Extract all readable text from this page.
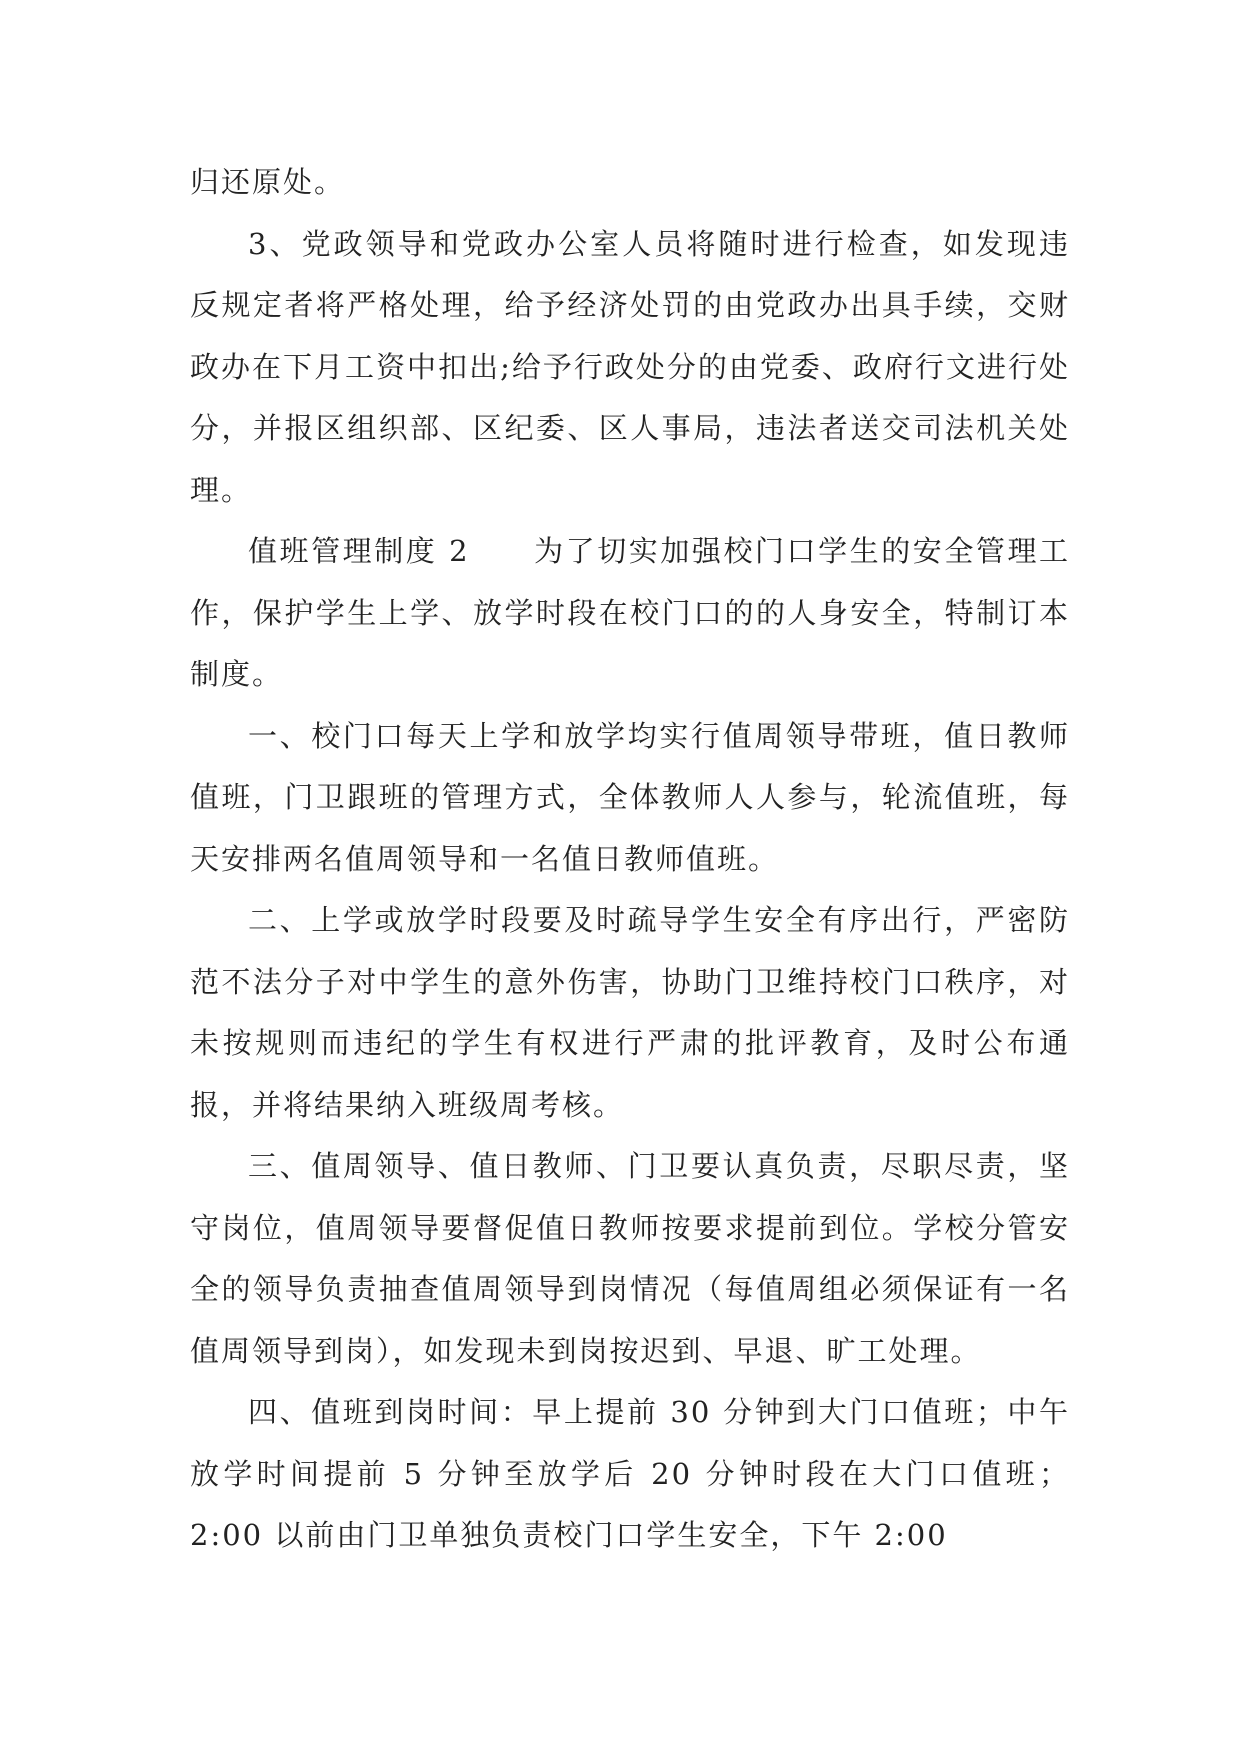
归还原处。

3、党政领导和党政办公室人员将随时进行检查，如发现违反规定者将严格处理，给予经济处罚的由党政办出具手续，交财政办在下月工资中扣出;给予行政处分的由党委、政府行文进行处分，并报区组织部、区纪委、区人事局，违法者送交司法机关处理。

值班管理制度 2 为了切实加强校门口学生的安全管理工作，保护学生上学、放学时段在校门口的的人身安全，特制订本制度。

一、校门口每天上学和放学均实行值周领导带班，值日教师值班，门卫跟班的管理方式，全体教师人人参与，轮流值班，每天安排两名值周领导和一名值日教师值班。

二、上学或放学时段要及时疏导学生安全有序出行，严密防范不法分子对中学生的意外伤害，协助门卫维持校门口秩序，对未按规则而违纪的学生有权进行严肃的批评教育，及时公布通报，并将结果纳入班级周考核。

三、值周领导、值日教师、门卫要认真负责，尽职尽责，坚守岗位，值周领导要督促值日教师按要求提前到位。学校分管安全的领导负责抽查值周领导到岗情况（每值周组必须保证有一名值周领导到岗），如发现未到岗按迟到、早退、旷工处理。

四、值班到岗时间：早上提前 30 分钟到大门口值班；中午放学时间提前 5 分钟至放学后 20 分钟时段在大门口值班；2:00 以前由门卫单独负责校门口学生安全，下午 2:00
